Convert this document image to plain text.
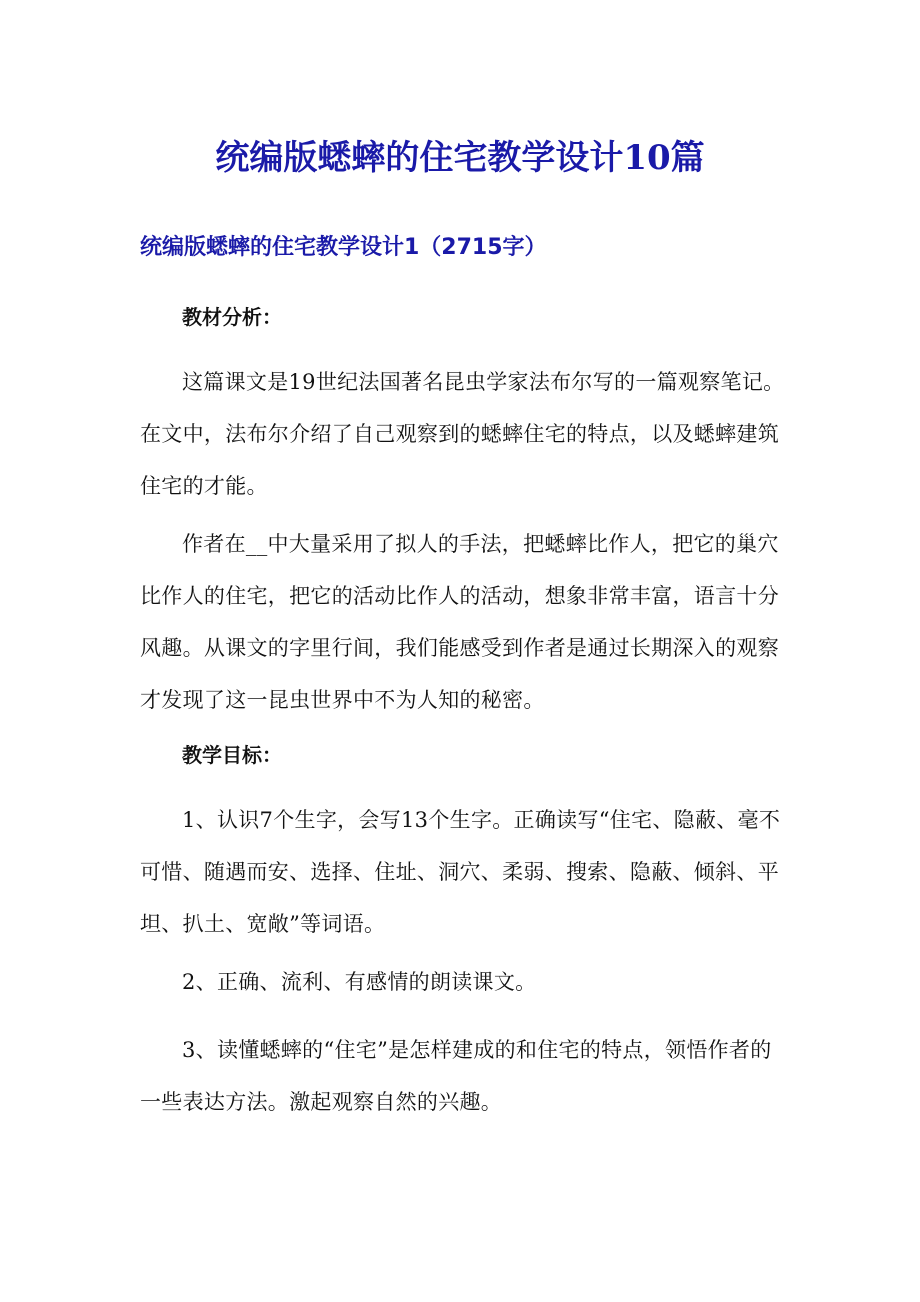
统编版蟋蟀的住宅教学设计10篇
统编版蟋蟀的住宅教学设计1（2715字）
教材分析：

这篇课文是19世纪法国著名昆虫学家法布尔写的一篇观察笔记。在文中，法布尔介绍了自己观察到的蟋蟀住宅的特点，以及蟋蟀建筑住宅的才能。

作者在__中大量采用了拟人的手法，把蟋蟀比作人，把它的巢穴比作人的住宅，把它的活动比作人的活动，想象非常丰富，语言十分风趣。从课文的字里行间，我们能感受到作者是通过长期深入的观察才发现了这一昆虫世界中不为人知的秘密。

教学目标：

1、认识7个生字，会写13个生字。正确读写“住宅、隐蔽、毫不可惜、随遇而安、选择、住址、洞穴、柔弱、搜索、隐蔽、倾斜、平坦、扒土、宽敞”等词语。

2、正确、流利、有感情的朗读课文。

3、读懂蟋蟀的“住宅”是怎样建成的和住宅的特点，领悟作者的一些表达方法。激起观察自然的兴趣。
